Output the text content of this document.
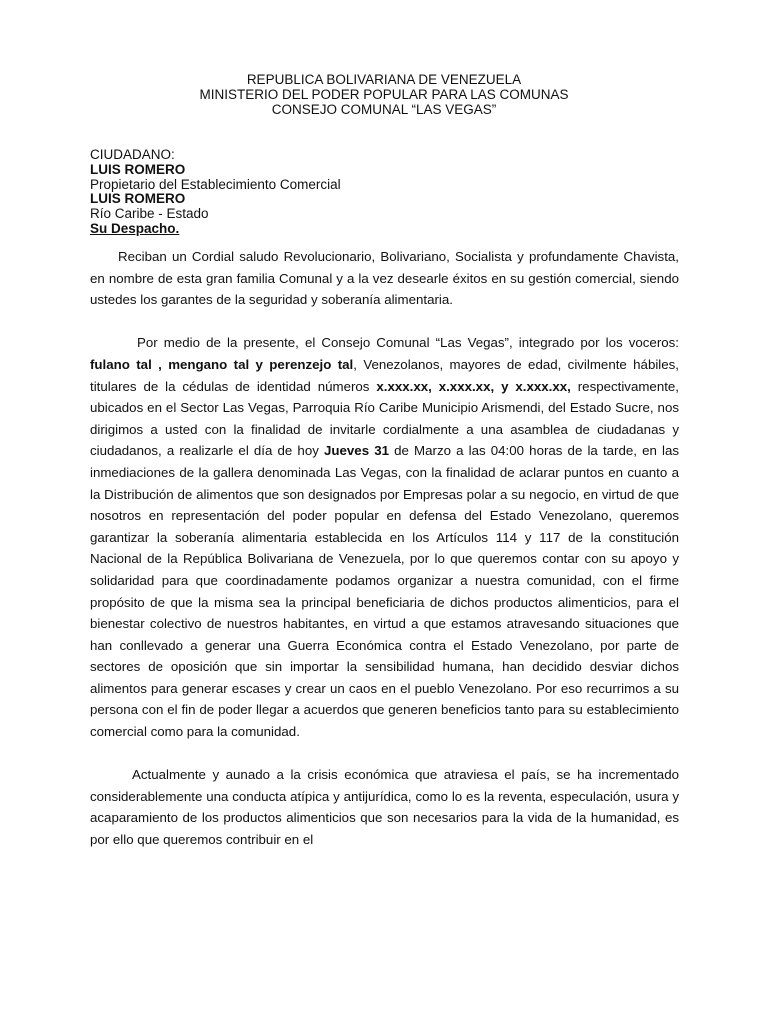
REPUBLICA BOLIVARIANA DE VENEZUELA
MINISTERIO DEL PODER POPULAR PARA LAS COMUNAS
CONSEJO COMUNAL “LAS VEGAS”
CIUDADANO:
LUIS ROMERO
Propietario del Establecimiento Comercial
LUIS ROMERO
Río Caribe - Estado
Su Despacho.

Reciban un Cordial saludo Revolucionario, Bolivariano, Socialista y profundamente Chavista, en nombre de esta gran familia Comunal y a la vez desearle éxitos en su gestión comercial, siendo ustedes los garantes de la seguridad y soberanía alimentaria.

Por medio de la presente, el Consejo Comunal “Las Vegas”, integrado por los voceros: fulano tal , mengano tal y perenzejo tal, Venezolanos, mayores de edad, civilmente hábiles, titulares de la cédulas de identidad números x.xxx.xx, x.xxx.xx, y x.xxx.xx, respectivamente, ubicados en el Sector Las Vegas, Parroquia Río Caribe Municipio Arismendi, del Estado Sucre, nos dirigimos a usted con la finalidad de invitarle cordialmente a una asamblea de ciudadanas y ciudadanos, a realizarle el día de hoy Jueves 31 de Marzo a las 04:00 horas de la tarde, en las inmediaciones de la gallera denominada Las Vegas, con la finalidad de aclarar puntos en cuanto a la Distribución de alimentos que son designados por Empresas polar a su negocio, en virtud de que nosotros en representación del poder popular en defensa del Estado Venezolano, queremos garantizar la soberanía alimentaria establecida en los Artículos 114 y 117 de la constitución Nacional de la República Bolivariana de Venezuela, por lo que queremos contar con su apoyo y solidaridad para que coordinadamente podamos organizar a nuestra comunidad, con el firme propósito de que la misma sea la principal beneficiaria de dichos productos alimenticios, para el bienestar colectivo de nuestros habitantes, en virtud a que estamos atravesando situaciones que han conllevado a generar una Guerra Económica contra el Estado Venezolano, por parte de sectores de oposición que sin importar la sensibilidad humana, han decidido desviar dichos alimentos para generar escases y crear un caos en el pueblo Venezolano. Por eso recurrimos a su persona con el fin de poder llegar a acuerdos que generen beneficios tanto para su establecimiento comercial como para la comunidad.

Actualmente y aunado a la crisis económica que atraviesa el país, se ha incrementado considerablemente una conducta atípica y antijurídica, como lo es la reventa, especulación, usura y acaparamiento de los productos alimenticios que son necesarios para la vida de la humanidad, es por ello que queremos contribuir en el
